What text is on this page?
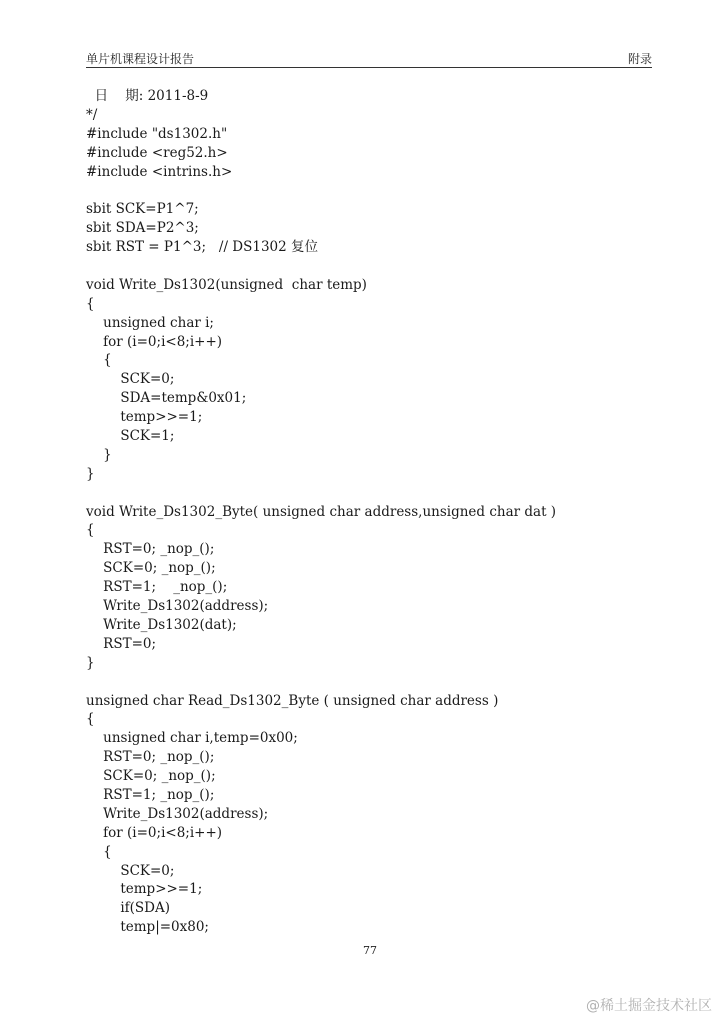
单片机课程设计报告	附录
日    期: 2011-8-9
*/
#include "ds1302.h"
#include <reg52.h>
#include <intrins.h>
sbit SCK=P1^7;
sbit SDA=P2^3;
sbit RST = P1^3;   // DS1302 复位
void Write_Ds1302(unsigned  char temp)
{
unsigned char i;
for (i=0;i<8;i++)
{
SCK=0;
SDA=temp&0x01;
temp>>=1;
SCK=1;
}
}
void Write_Ds1302_Byte( unsigned char address,unsigned char dat )
{
RST=0; _nop_();
SCK=0; _nop_();
RST=1;    _nop_();
Write_Ds1302(address);
Write_Ds1302(dat);
RST=0;
}
unsigned char Read_Ds1302_Byte ( unsigned char address )
{
unsigned char i,temp=0x00;
RST=0; _nop_();
SCK=0; _nop_();
RST=1; _nop_();
Write_Ds1302(address);
for (i=0;i<8;i++)
{
SCK=0;
temp>>=1;
if(SDA)
temp|=0x80;
77
@稀土掘金技术社区
